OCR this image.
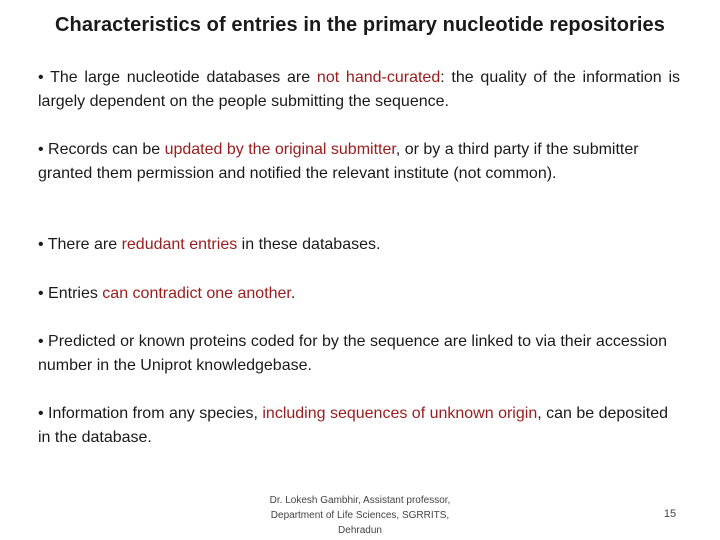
Characteristics of entries in the primary nucleotide repositories
• The large nucleotide databases are not hand-curated: the quality of the information is largely dependent on the people submitting the sequence.
• Records can be updated by the original submitter, or by a third party if the submitter granted them permission and notified the relevant institute (not common).
• There are redudant entries in these databases.
• Entries can contradict one another.
• Predicted or known proteins coded for by the sequence are linked to via their accession number in the Uniprot knowledgebase.
• Information from any species, including sequences of unknown origin, can be deposited in the database.
Dr. Lokesh Gambhir, Assistant professor,
Department of Life Sciences, SGRRITS,
Dehradun
15
